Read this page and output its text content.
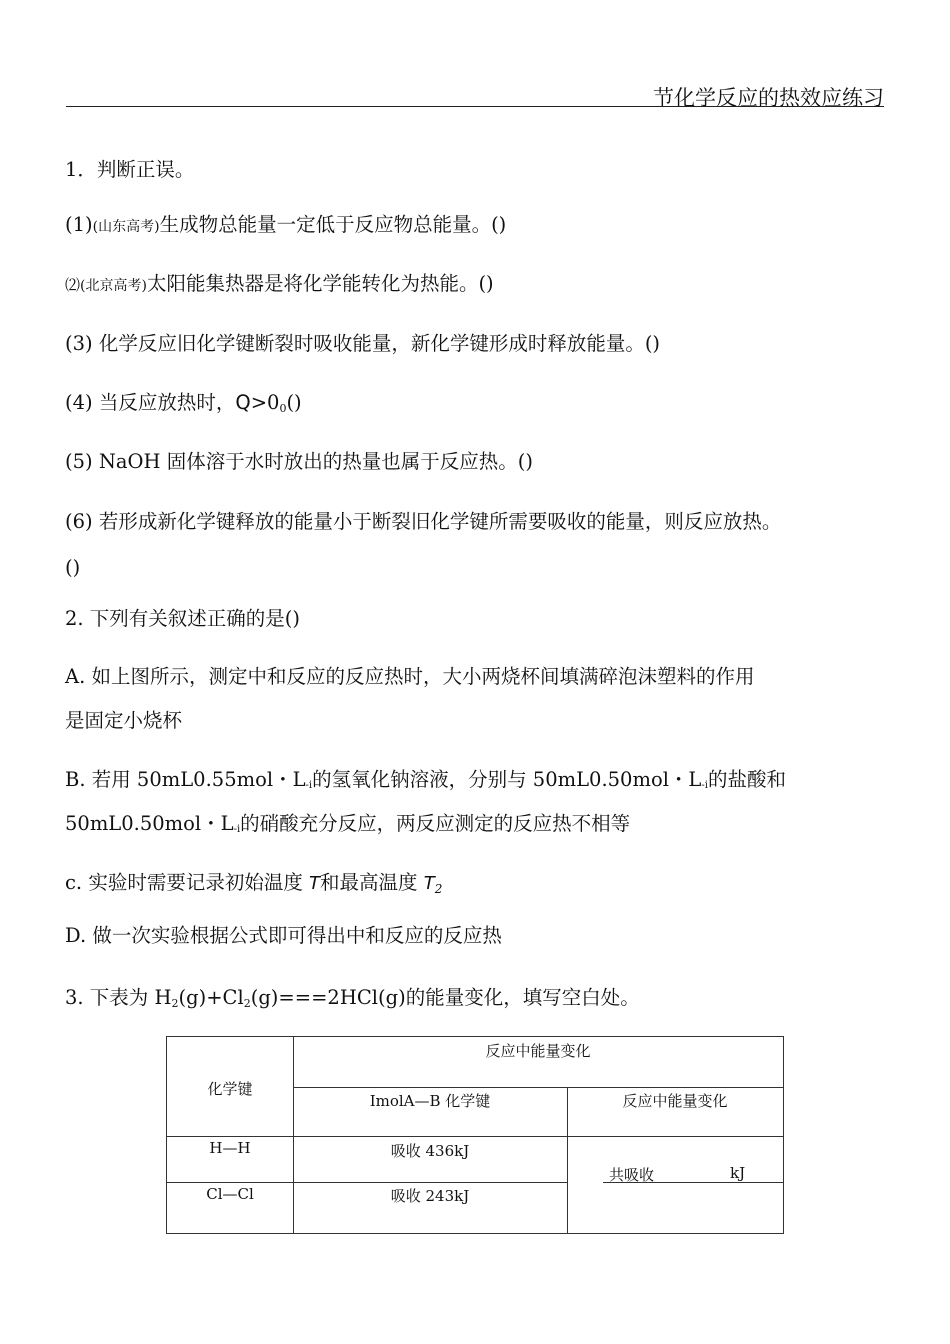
节化学反应的热效应练习
1．判断正误。
(1)(山东高考)生成物总能量一定低于反应物总能量。()
⑵(北京高考)太阳能集热器是将化学能转化为热能。()
(3) 化学反应旧化学键断裂时吸收能量，新化学键形成时释放能量。()
(4) 当反应放热时，$Q>0_0()$
(5) NaOH 固体溶于水时放出的热量也属于反应热。()
(6) 若形成新化学键释放的能量小于断裂旧化学键所需要吸收的能量，则反应放热。
()
2. 下列有关叙述正确的是()
A. 如上图所示，测定中和反应的反应热时，大小两烧杯间填满碎泡沫塑料的作用
是固定小烧杯
B. 若用 50mL0.55mol・L-i的氢氧化钠溶液，分别与 50mL0.50mol・L-i的盐酸和
50mL0.50mol・L-i的硝酸充分反应，两反应测定的反应热不相等
c. 实验时需要记录初始温度 T和最高温度 $T_2$
D. 做一次实验根据公式即可得出中和反应的反应热
3. 下表为 $H_2(g)+Cl_2(g)===2HCl(g)$的能量变化，填写空白处。
化学键
反应中能量变化
ImolA—B 化学键	反应中能量变化
H—H	吸收 436kJ
Cl—Cl	吸收 243kJ
共吸收	kJ
